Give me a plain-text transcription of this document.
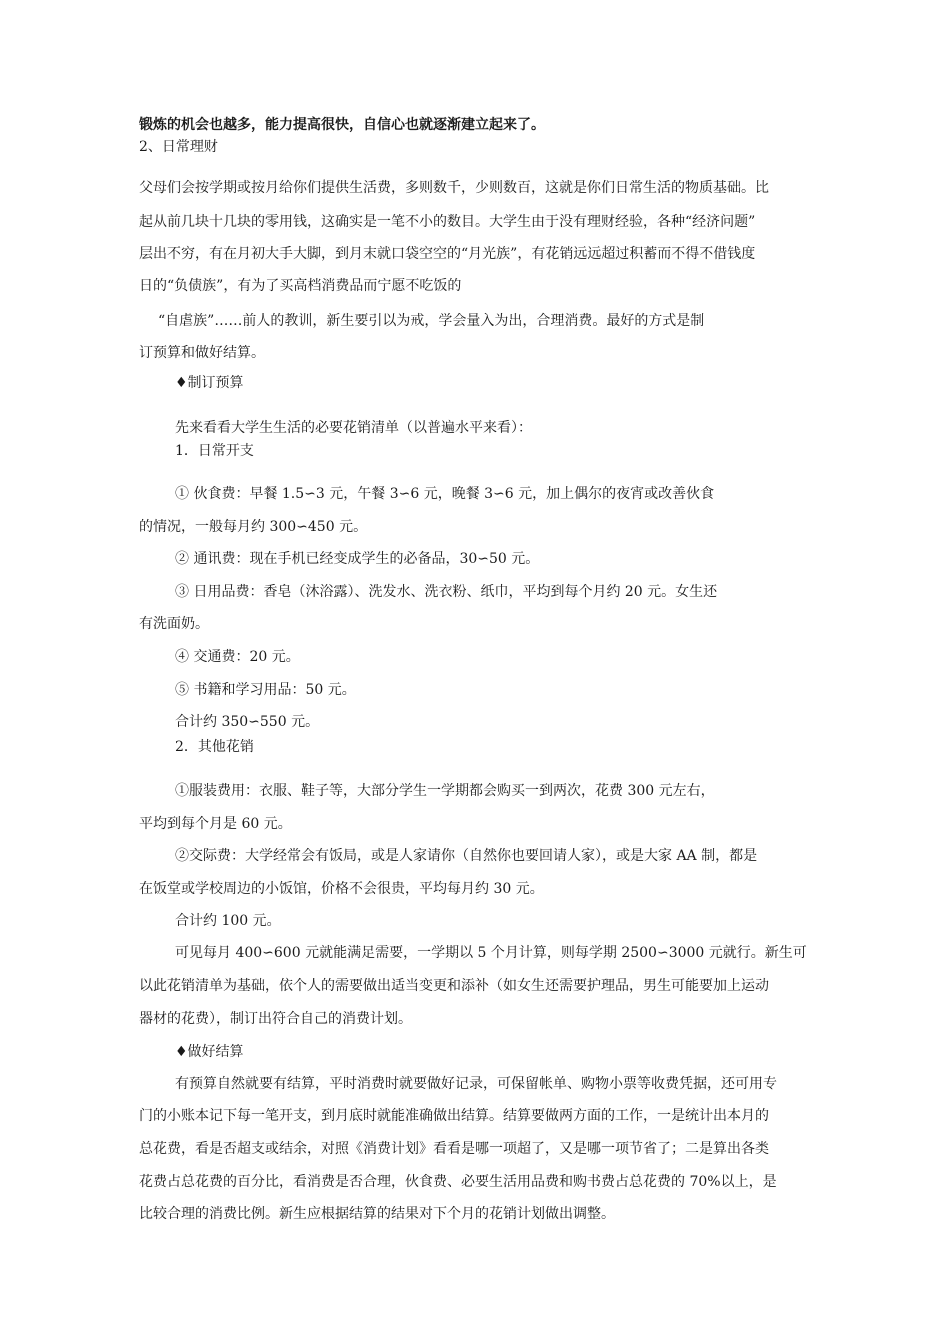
锻炼的机会也越多，能力提高很快，自信心也就逐渐建立起来了。
2、日常理财
父母们会按学期或按月给你们提供生活费，多则数千，少则数百，这就是你们日常生活的物质基础。比
起从前几块十几块的零用钱，这确实是一笔不小的数目。大学生由于没有理财经验，各种“经济问题”
层出不穷，有在月初大手大脚，到月末就口袋空空的“月光族”，有花销远远超过积蓄而不得不借钱度
日的“负债族”，有为了买高档消费品而宁愿不吃饭的
“自虐族”……前人的教训，新生要引以为戒，学会量入为出，合理消费。最好的方式是制
订预算和做好结算。
♦制订预算
先来看看大学生生活的必要花销清单（以普遍水平来看）：
1．日常开支
① 伙食费：早餐 1.5∽3 元，午餐 3∽6 元，晚餐 3∽6 元，加上偶尔的夜宵或改善伙食
的情况，一般每月约 300∽450 元。
② 通讯费：现在手机已经变成学生的必备品，30∽50 元。
③ 日用品费：香皂（沐浴露）、洗发水、洗衣粉、纸巾，平均到每个月约 20 元。女生还
有洗面奶。
④ 交通费：20 元。
⑤ 书籍和学习用品：50 元。
合计约 350∽550 元。
2．其他花销
①服装费用：衣服、鞋子等，大部分学生一学期都会购买一到两次，花费 300 元左右，
平均到每个月是 60 元。
②交际费：大学经常会有饭局，或是人家请你（自然你也要回请人家），或是大家 AA 制，都是
在饭堂或学校周边的小饭馆，价格不会很贵，平均每月约 30 元。
合计约 100 元。
可见每月 400∽600 元就能满足需要，一学期以 5 个月计算，则每学期 2500∽3000 元就行。新生可
以此花销清单为基础，依个人的需要做出适当变更和添补（如女生还需要护理品，男生可能要加上运动
器材的花费），制订出符合自己的消费计划。
♦做好结算
有预算自然就要有结算，平时消费时就要做好记录，可保留帐单、购物小票等收费凭据，还可用专
门的小账本记下每一笔开支，到月底时就能准确做出结算。结算要做两方面的工作，一是统计出本月的
总花费，看是否超支或结余，对照《消费计划》看看是哪一项超了，又是哪一项节省了；二是算出各类
花费占总花费的百分比，看消费是否合理，伙食费、必要生活用品费和购书费占总花费的 70%以上，是
比较合理的消费比例。新生应根据结算的结果对下个月的花销计划做出调整。
